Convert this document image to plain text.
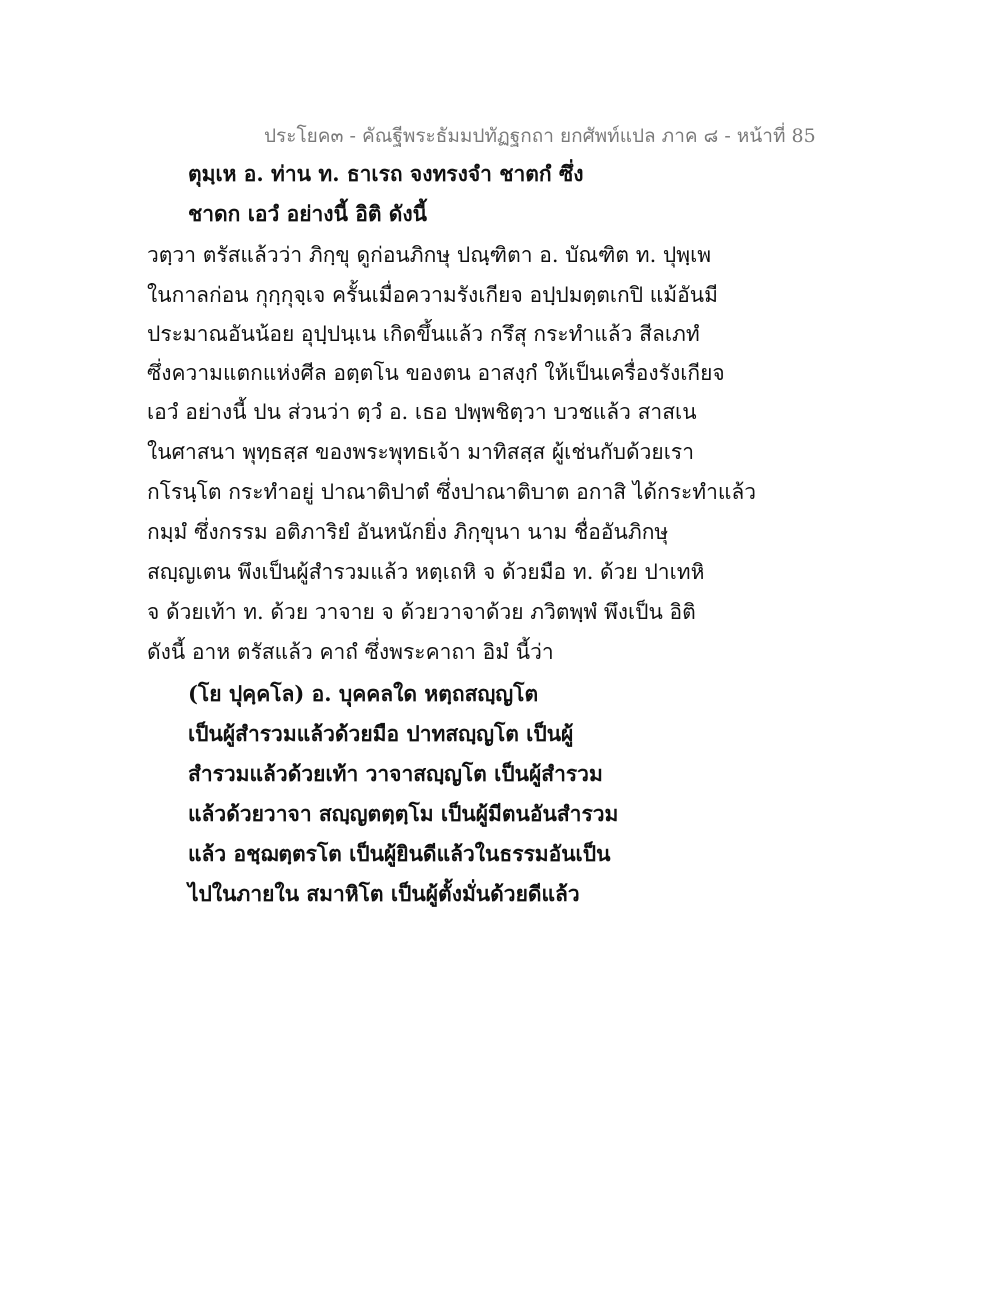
ประโยค๓ - คัณฐีพระธัมมปทัฏฐกถา ยกศัพท์แปล ภาค ๘ - หน้าที่ 85
ตุมฺเห อ. ท่าน ท. ธาเรถ จงทรงจำ ชาตกํ ซึ่ง
ชาดก เอวํ อย่างนี้ อิติ ดังนี้
วตฺวา ตรัสแล้วว่า ภิกฺขุ ดูก่อนภิกษุ ปณฺฑิตา อ. บัณฑิต ท. ปุพฺเพ
ในกาลก่อน กุกฺกุจฺเจ ครั้นเมื่อความรังเกียจ อปฺปมตฺตเกปิ แม้อันมี
ประมาณอันน้อย อุปฺปนฺเน เกิดขึ้นแล้ว กรึสุ กระทำแล้ว สีลเภทํ
ซึ่งความแตกแห่งศีล อตฺตโน ของตน อาสงฺกํ ให้เป็นเครื่องรังเกียจ
เอวํ อย่างนี้ ปน ส่วนว่า ตฺวํ อ. เธอ ปพฺพชิตฺวา บวชแล้ว สาสเน
ในศาสนา พุทฺธสฺส ของพระพุทธเจ้า มาทิสสฺส ผู้เช่นกับด้วยเรา
กโรนฺโต กระทำอยู่ ปาณาติปาตํ ซึ่งปาณาติบาต อกาสิ ได้กระทำแล้ว
กมฺมํ ซึ่งกรรม อติภาริยํ อันหนักยิ่ง ภิกฺขุนา นาม ชื่ออันภิกษุ
สญฺญเตน พึงเป็นผู้สำรวมแล้ว หตฺเถหิ จ ด้วยมือ ท. ด้วย ปาเทหิ
จ ด้วยเท้า ท. ด้วย วาจาย จ ด้วยวาจาด้วย ภวิตพฺพํ พึงเป็น อิติ
ดังนี้ อาห ตรัสแล้ว คาถํ ซึ่งพระคาถา อิมํ นี้ว่า
(โย ปุคฺคโล) อ. บุคคลใด หตฺถสญฺญโต
เป็นผู้สำรวมแล้วด้วยมือ ปาทสญฺญโต เป็นผู้
สำรวมแล้วด้วยเท้า วาจาสญฺญโต เป็นผู้สำรวม
แล้วด้วยวาจา สญฺญตตฺตฺโม เป็นผู้มีตนอันสำรวม
แล้ว อชฺฌตฺตรโต เป็นผู้ยินดีแล้วในธรรมอันเป็น
ไปในภายใน สมาหิโต เป็นผู้ตั้งมั่นด้วยดีแล้ว
